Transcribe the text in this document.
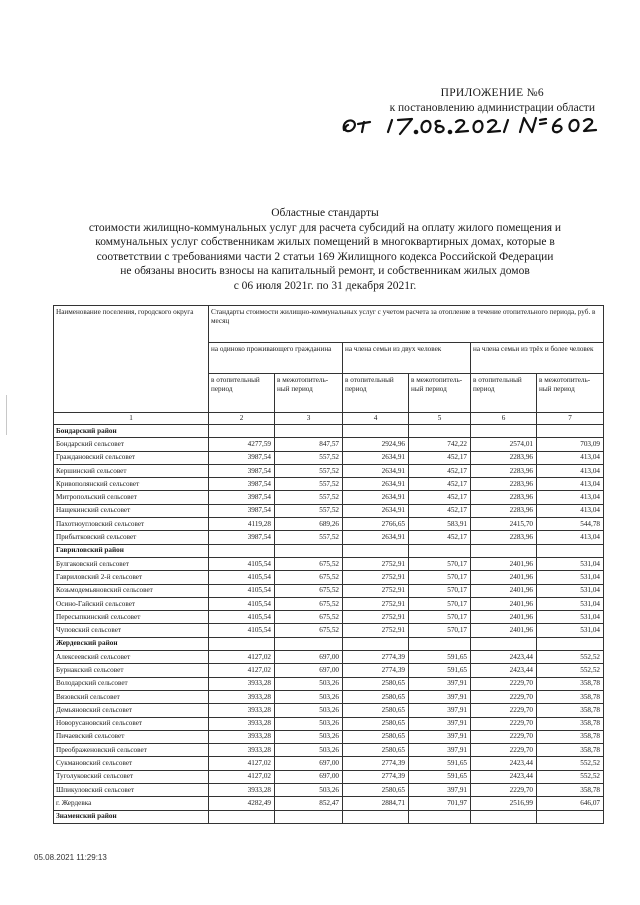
ПРИЛОЖЕНИЕ №6
к постановлению администрации области
Областные стандарты
стоимости жилищно-коммунальных услуг для расчета субсидий на оплату жилого помещения и
коммунальных услуг собственникам жилых помещений в многоквартирных домах, которые в
соответствии с требованиями части 2 статьи 169 Жилищного кодекса Российской Федерации
не обязаны вносить взносы на капитальный ремонт, и собственникам жилых домов
с 06 июля 2021г. по 31 декабря 2021г.
Наименование поселения, городского округа	Стандарты стоимости жилищно-коммунальных услуг с учетом расчета за отопление в течение отопительного периода, руб. в месяц					
	на одиноко проживающего гражданина		на члена семьи из двух человек		на члена семьи из трёх и более человек	
	в отопительный период	в межотопитель-ный период	в отопительный период	в межотопитель-ный период	в отопительный период	в межотопитель-ный период
1	2	3	4	5	6	7
Бондарский район						
Бондарский сельсовет	4277,59	847,57	2924,96	742,22	2574,01	703,09
Граждановский сельсовет	3987,54	557,52	2634,91	452,17	2283,96	413,04
Кершинский сельсовет	3987,54	557,52	2634,91	452,17	2283,96	413,04
Кривополянский сельсовет	3987,54	557,52	2634,91	452,17	2283,96	413,04
Митропольский сельсовет	3987,54	557,52	2634,91	452,17	2283,96	413,04
Нащекинский сельсовет	3987,54	557,52	2634,91	452,17	2283,96	413,04
Пахотноугловский сельсовет	4119,28	689,26	2766,65	583,91	2415,70	544,78
Прибытковский сельсовет	3987,54	557,52	2634,91	452,17	2283,96	413,04
Гавриловский район						
Булгаковский сельсовет	4105,54	675,52	2752,91	570,17	2401,96	531,04
Гавриловский 2-й сельсовет	4105,54	675,52	2752,91	570,17	2401,96	531,04
Козьмодемьяновский сельсовет	4105,54	675,52	2752,91	570,17	2401,96	531,04
Осино-Гайский сельсовет	4105,54	675,52	2752,91	570,17	2401,96	531,04
Пересыпкинский сельсовет	4105,54	675,52	2752,91	570,17	2401,96	531,04
Чуповский сельсовет	4105,54	675,52	2752,91	570,17	2401,96	531,04
Жердевский район						
Алексеевский сельсовет	4127,02	697,00	2774,39	591,65	2423,44	552,52
Бурнакский сельсовет	4127,02	697,00	2774,39	591,65	2423,44	552,52
Володарский сельсовет	3933,28	503,26	2580,65	397,91	2229,70	358,78
Вязовский сельсовет	3933,28	503,26	2580,65	397,91	2229,70	358,78
Демьяновский сельсовет	3933,28	503,26	2580,65	397,91	2229,70	358,78
Новорусановский сельсовет	3933,28	503,26	2580,65	397,91	2229,70	358,78
Пичаевский сельсовет	3933,28	503,26	2580,65	397,91	2229,70	358,78
Преображеновский сельсовет	3933,28	503,26	2580,65	397,91	2229,70	358,78
Сукмановский сельсовет	4127,02	697,00	2774,39	591,65	2423,44	552,52
Туголуковский сельсовет	4127,02	697,00	2774,39	591,65	2423,44	552,52
Шпикуловский сельсовет	3933,28	503,26	2580,65	397,91	2229,70	358,78
г. Жердевка	4282,49	852,47	2884,71	701,97	2516,99	646,07
Знаменский район						
05.08.2021 11:29:13
